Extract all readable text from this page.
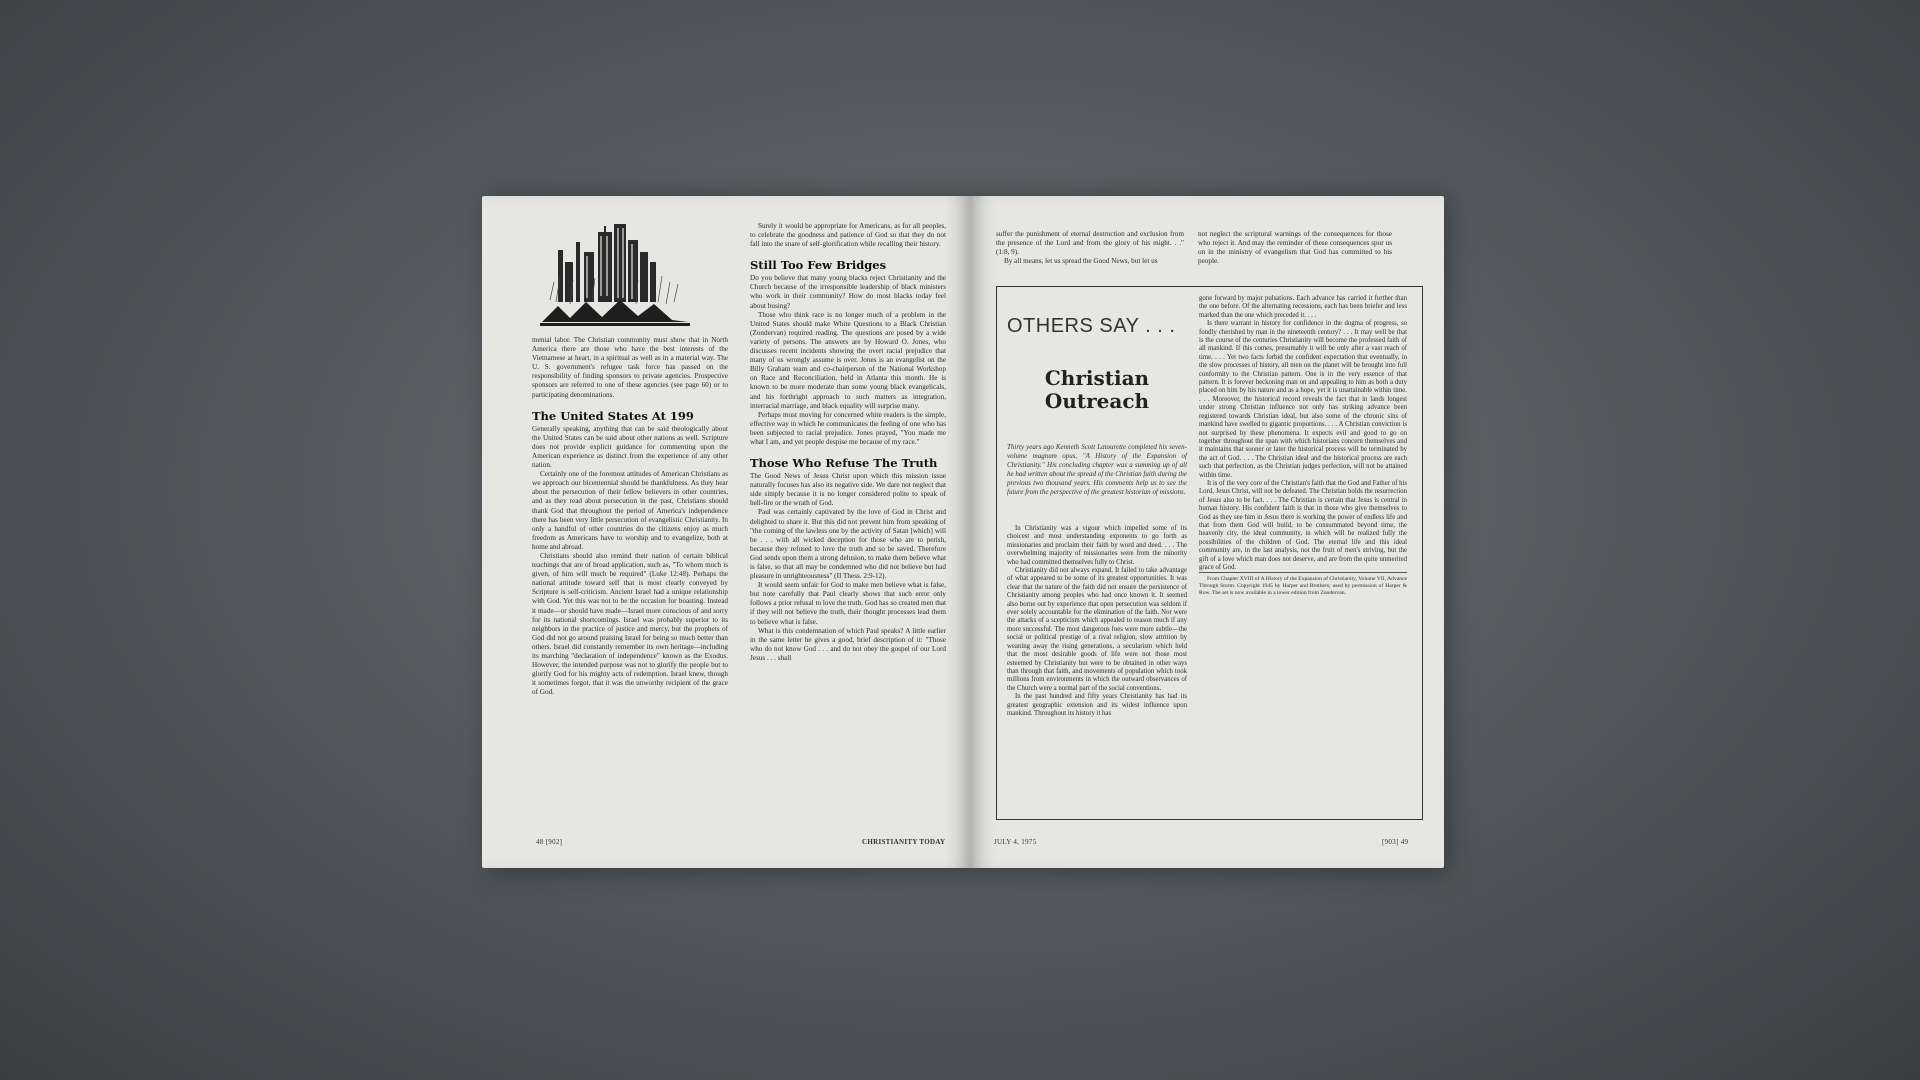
menial labor. The Christian community must show that in North America there are those who have the best interests of the Vietnamese at heart, in a spiritual as well as in a material way. The U. S. government's refugee task force has passed on the responsibility of finding sponsors to private agencies. Prospective sponsors are referred to one of these agencies (see page 60) or to participating denominations.

The United States At 199

Generally speaking, anything that can be said theologically about the United States can be said about other nations as well. Scripture does not provide explicit guidance for commenting upon the American experience as distinct from the experience of any other nation.

Certainly one of the foremost attitudes of American Christians as we approach our bicentennial should be thankfulness. As they hear about the persecution of their fellow believers in other countries, and as they read about persecution in the past, Christians should thank God that throughout the period of America's independence there has been very little persecution of evangelistic Christianity. In only a handful of other countries do the citizens enjoy as much freedom as Americans have to worship and to evangelize, both at home and abroad.

Christians should also remind their nation of certain biblical teachings that are of broad application, such as, "To whom much is given, of him will much be required" (Luke 12:48). Perhaps the national attitude toward self that is most clearly conveyed by Scripture is self-criticism. Ancient Israel had a unique relationship with God. Yet this was not to be the occasion for boasting. Instead it made—or should have made—Israel more conscious of and sorry for its national shortcomings. Israel was probably superior to its neighbors in the practice of justice and mercy, but the prophets of God did not go around praising Israel for being so much better than others. Israel did constantly remember its own heritage—including its marching "declaration of independence" known as the Exodus. However, the intended purpose was not to glorify the people but to glorify God for his mighty acts of redemption. Israel knew, though it sometimes forgot, that it was the unworthy recipient of the grace of God.

Surely it would be appropriate for Americans, as for all peoples, to celebrate the goodness and patience of God so that they do not fall into the snare of self-glorification while recalling their history.

Still Too Few Bridges

Do you believe that many young blacks reject Christianity and the Church because of the irresponsible leadership of black ministers who work in their community? How do most blacks today feel about busing?

Those who think race is no longer much of a problem in the United States should make White Questions to a Black Christian (Zondervan) required reading. The questions are posed by a wide variety of persons. The answers are by Howard O. Jones, who discusses recent incidents showing the overt racial prejudice that many of us wrongly assume is over. Jones is an evangelist on the Billy Graham team and co-chairperson of the National Workshop on Race and Reconciliation, held in Atlanta this month. He is known to be more moderate than some young black evangelicals, and his forthright approach to such matters as integration, interracial marriage, and black equality will surprise many.

Perhaps most moving for concerned white readers is the simple, effective way in which he communicates the feeling of one who has been subjected to racial prejudice. Jones prayed, "You made me what I am, and yet people despise me because of my race."

Those Who Refuse The Truth

The Good News of Jesus Christ upon which this mission issue naturally focuses has also its negative side. We dare not neglect that side simply because it is no longer considered polite to speak of hell-fire or the wrath of God.

Paul was certainly captivated by the love of God in Christ and delighted to share it. But this did not prevent him from speaking of "the coming of the lawless one by the activity of Satan [which] will be . . . with all wicked deception for those who are to perish, because they refused to love the truth and so be saved. Therefore God sends upon them a strong delusion, to make them believe what is false, so that all may be condemned who did not believe but had pleasure in unrighteousness" (II Thess. 2:9-12).

It would seem unfair for God to make men believe what is false, but note carefully that Paul clearly shows that such error only follows a prior refusal to love the truth. God has so created men that if they will not believe the truth, their thought processes lead them to believe what is false.

What is this condemnation of which Paul speaks? A little earlier in the same letter he gives a good, brief description of it: "Those who do not know God . . . and do not obey the gospel of our Lord Jesus . . . shall

48 [902]	CHRISTIANITY TODAY

suffer the punishment of eternal destruction and exclusion from the presence of the Lord and from the glory of his might. . ." (1:8, 9).

By all means, let us spread the Good News, but let us

not neglect the scriptural warnings of the consequences for those who reject it. And may the reminder of these consequences spur us on in the ministry of evangelism that God has committed to his people.

OTHERS SAY . . .
Christian
Outreach
Thirty years ago Kenneth Scott Latourette completed his seven-volume magnum opus, "A History of the Expansion of Christianity." His concluding chapter was a summing up of all he had written about the spread of the Christian faith during the previous two thousand years. His comments help us to see the future from the perspective of the greatest historian of missions.

In Christianity was a vigour which impelled some of its choicest and most understanding exponents to go forth as missionaries and proclaim their faith by word and deed. . . . The overwhelming majority of missionaries were from the minority who had committed themselves fully to Christ.

Christianity did not always expand. It failed to take advantage of what appeared to be some of its greatest opportunities. It was clear that the nature of the faith did not ensure the persistence of Christianity among peoples who had once known it. It seemed also borne out by experience that open persecution was seldom if ever solely accountable for the elimination of the faith. Nor were the attacks of a scepticism which appealed to reason much if any more successful. The most dangerous foes were more subtle—the social or political prestige of a rival religion, slow attrition by weaning away the rising generations, a secularism which held that the most desirable goods of life were not those most esteemed by Christianity but were to be obtained in other ways than through that faith, and movements of population which took millions from environments in which the outward observances of the Church were a normal part of the social conventions.

In the past hundred and fifty years Christianity has had its greatest geographic extension and its widest influence upon mankind. Throughout its history it has

gone forward by major pulsations. Each advance has carried it further than the one before. Of the alternating recessions, each has been briefer and less marked than the one which preceded it. . . .

Is there warrant in history for confidence in the dogma of progress, so fondly cherished by man in the nineteenth century? . . . It may well be that is the course of the centuries Christianity will become the professed faith of all mankind. If this comes, presumably it will be only after a vast reach of time. . . . Yet two facts forbid the confident expectation that eventually, in the slow processes of history, all men on the planet will be brought into full conformity to the Christian pattern. One is in the very essence of that pattern. It is forever beckoning man on and appealing to him as both a duty placed on him by his nature and as a hope, yet it is unattainable within time. . . . Moreover, the historical record reveals the fact that in lands longest under strong Christian influence not only has striking advance been registered towards Christian ideal, but also some of the chronic sins of mankind have swelled to gigantic proportions. . . . A Christian conviction is not surprised by these phenomena. It expects evil and good to go on together throughout the span with which historians concern themselves and it maintains that sooner or later the historical process will be terminated by the act of God. . . . The Christian ideal and the historical process are each such that perfection, as the Christian judges perfection, will not be attained within time.

It is of the very core of the Christian's faith that the God and Father of his Lord, Jesus Christ, will not be defeated. The Christian holds the resurrection of Jesus also to be fact. . . . The Christian is certain that Jesus is central in human history. His confident faith is that in those who give themselves to God as they see him in Jesus there is working the power of endless life and that from them God will build, to be consummated beyond time, the heavenly city, the ideal community, in which will be realized fully the possibilities of the children of God. The eternal life and this ideal community are, in the last analysis, not the fruit of men's striving, but the gift of a love which man does not deserve, and are from the quite unmerited grace of God.

From Chapter XVIII of A History of the Expansion of Christianity, Volume VII, Advance Through Storm. Copyright 1945 by Harper and Brothers; used by permission of Harper & Row. The set is now available in a lower edition from Zondervan.

JULY 4, 1975	[903] 49
